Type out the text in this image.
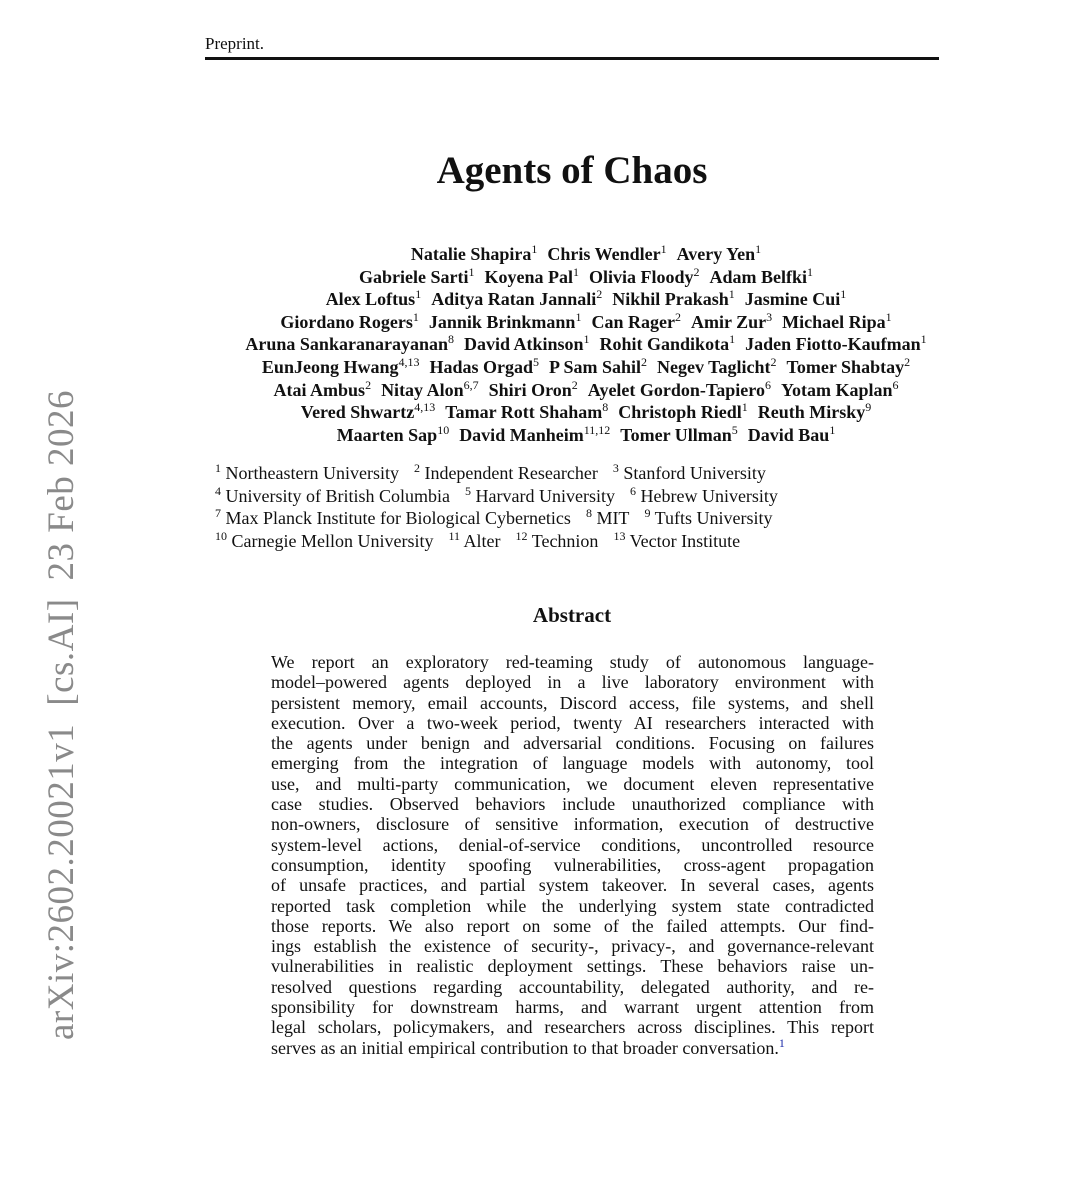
Preprint.
arXiv:2602.20021v1[cs.AI]23 Feb 2026
Agents of Chaos
Natalie Shapira$^1$ Chris Wendler$^1$ Avery Yen$^1$
Gabriele Sarti$^1$ Koyena Pal$^1$ Olivia Floody$^2$ Adam Belfki$^1$
Alex Loftus$^1$ Aditya Ratan Jannali$^2$ Nikhil Prakash$^1$ Jasmine Cui$^1$
Giordano Rogers$^1$ Jannik Brinkmann$^1$ Can Rager$^2$ Amir Zur$^3$ Michael Ripa$^1$
Aruna Sankaranarayanan$^8$ David Atkinson$^1$ Rohit Gandikota$^1$ Jaden Fiotto-Kaufman$^1$
EunJeong Hwang$^{4,13}$ Hadas Orgad$^5$ P Sam Sahil$^2$ Negev Taglicht$^2$ Tomer Shabtay$^2$
Atai Ambus$^2$ Nitay Alon$^{6,7}$ Shiri Oron$^2$ Ayelet Gordon-Tapiero$^6$ Yotam Kaplan$^6$
Vered Shwartz$^{4,13}$ Tamar Rott Shaham$^8$ Christoph Riedl$^1$ Reuth Mirsky$^9$
Maarten Sap$^{10}$ David Manheim$^{11,12}$ Tomer Ullman$^5$ David Bau$^1$
$^1$ Northeastern University $^2$ Independent Researcher $^3$ Stanford University
$^4$ University of British Columbia $^5$ Harvard University $^6$ Hebrew University
$^7$ Max Planck Institute for Biological Cybernetics $^8$ MIT $^9$ Tufts University
$^{10}$ Carnegie Mellon University $^{11}$ Alter $^{12}$ Technion $^{13}$ Vector Institute
Abstract
We report an exploratory red-teaming study of autonomous language-
model–powered agents deployed in a live laboratory environment with
persistent memory, email accounts, Discord access, file systems, and shell
execution. Over a two-week period, twenty AI researchers interacted with
the agents under benign and adversarial conditions. Focusing on failures
emerging from the integration of language models with autonomy, tool
use, and multi-party communication, we document eleven representative
case studies. Observed behaviors include unauthorized compliance with
non-owners, disclosure of sensitive information, execution of destructive
system-level actions, denial-of-service conditions, uncontrolled resource
consumption, identity spoofing vulnerabilities, cross-agent propagation
of unsafe practices, and partial system takeover. In several cases, agents
reported task completion while the underlying system state contradicted
those reports. We also report on some of the failed attempts. Our find-
ings establish the existence of security-, privacy-, and governance-relevant
vulnerabilities in realistic deployment settings. These behaviors raise un-
resolved questions regarding accountability, delegated authority, and re-
sponsibility for downstream harms, and warrant urgent attention from
legal scholars, policymakers, and researchers across disciplines. This report
serves as an initial empirical contribution to that broader conversation.$^1$
